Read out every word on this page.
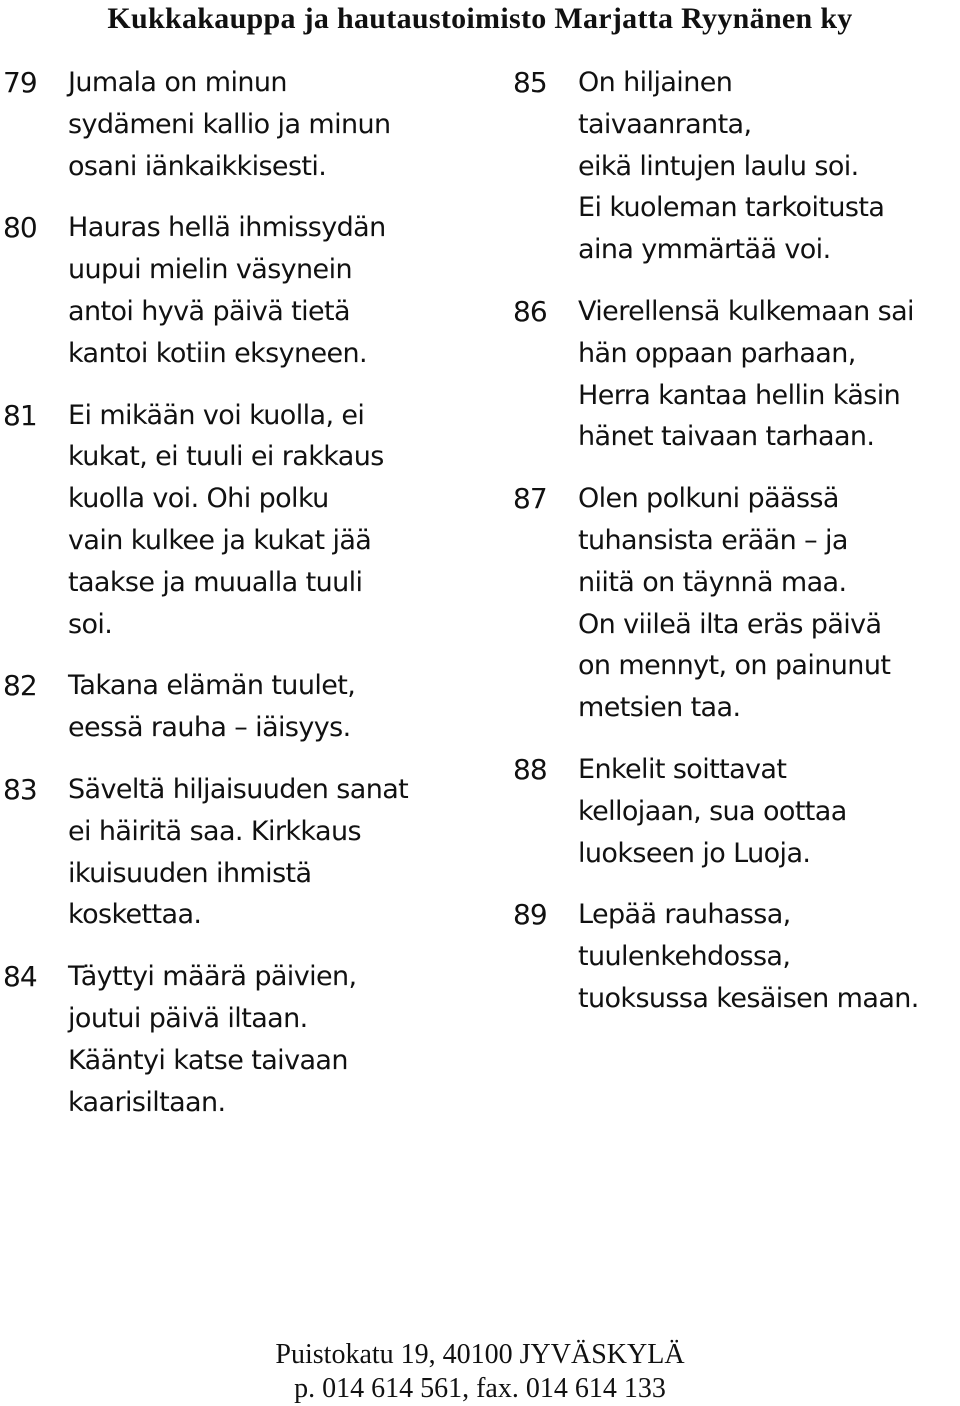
Kukkakauppa ja hautaustoimisto Marjatta Ryynänen ky
79	Jumala on minun
sydämeni kallio ja minun
osani iänkaikkisesti.
80	Hauras hellä ihmissydän
uupui mielin väsynein
antoi hyvä päivä tietä
kantoi kotiin eksyneen.
81	Ei mikään voi kuolla, ei
kukat, ei tuuli ei rakkaus
kuolla voi. Ohi polku
vain kulkee ja kukat jää
taakse ja muualla tuuli
soi.
82	Takana elämän tuulet,
eessä rauha – iäisyys.
83	Säveltä hiljaisuuden sanat
ei häiritä saa. Kirkkaus
ikuisuuden ihmistä
koskettaa.
84	Täyttyi määrä päivien,
joutui päivä iltaan.
Kääntyi katse taivaan
kaarisiltaan.
85	On hiljainen
taivaanranta,
eikä lintujen laulu soi.
Ei kuoleman tarkoitusta
aina ymmärtää voi.
86	Vierellensä kulkemaan sai
hän oppaan parhaan,
Herra kantaa hellin käsin
hänet taivaan tarhaan.
87	Olen polkuni päässä
tuhansista erään – ja
niitä on täynnä maa.
On viileä ilta eräs päivä
on mennyt, on painunut
metsien taa.
88	Enkelit soittavat
kellojaan, sua oottaa
luokseen jo Luoja.
89	Lepää rauhassa,
tuulenkehdossa,
tuoksussa kesäisen maan.
Puistokatu 19, 40100 JYVÄSKYLÄ
p. 014 614 561, fax. 014 614 133
